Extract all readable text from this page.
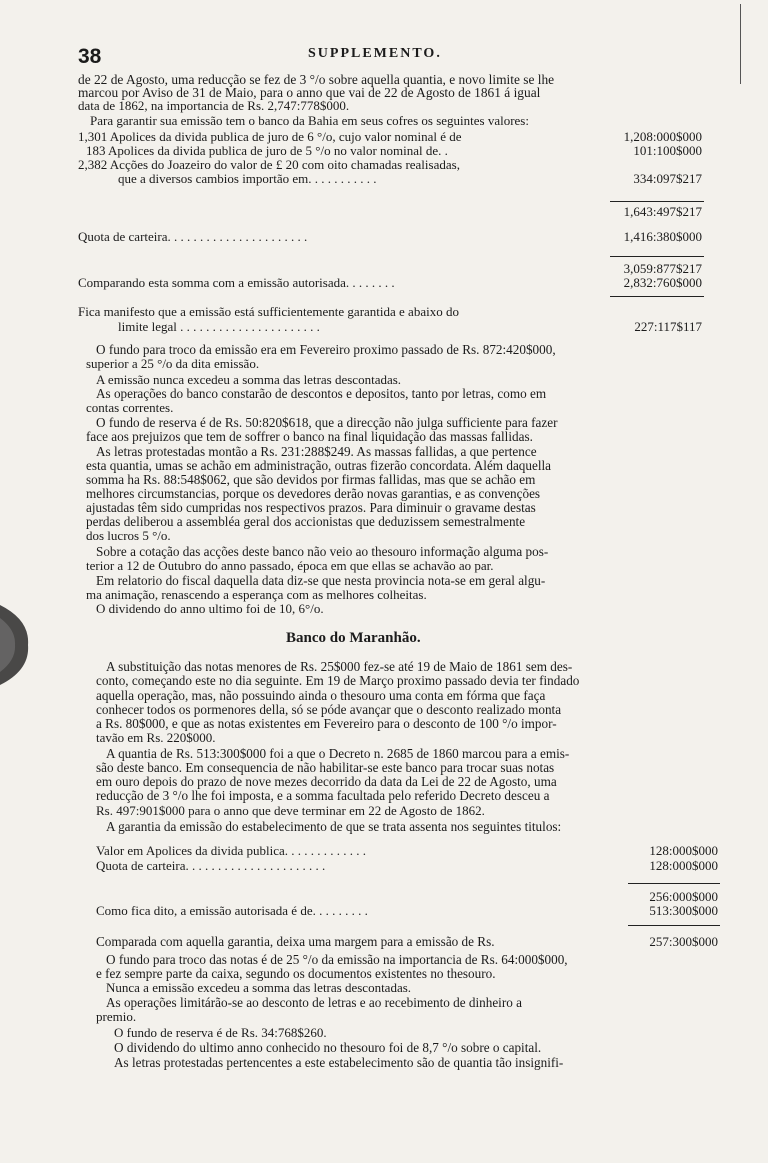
38	SUPPLEMENTO.
de 22 de Agosto, uma reducção se fez de 3 °/o sobre aquella quantia, e novo limite se lhe
marcou por Aviso de 31 de Maio, para o anno que vai de 22 de Agosto de 1861 á igual
data de 1862, na importancia de Rs. 2,747:778$000.
Para garantir sua emissão tem o banco da Bahia em seus cofres os seguintes valores:
1,301 Apolices da divida publica de juro de 6 °/o, cujo valor nominal é de	1,208:000$000
183 Apolices da divida publica de juro de 5 °/o no valor nominal de. .	101:100$000
2,382 Acções do Joazeiro do valor de £ 20 com oito chamadas realisadas,
que a diversos cambios importão em. . . . . . . . . . .	334:097$217
1,643:497$217
Quota de carteira. . . . . . . . . . . . . . . . . . . . . .	1,416:380$000
3,059:877$217
Comparando esta somma com a emissão autorisada. . . . . . . .	2,832:760$000
Fica manifesto que a emissão está sufficientemente garantida e abaixo do
limite legal . . . . . . . . . . . . . . . . . . . . . .	227:117$117
O fundo para troco da emissão era em Fevereiro proximo passado de Rs. 872:420$000,
superior a 25 °/o da dita emissão.
A emissão nunca excedeu a somma das letras descontadas.
As operações do banco constarão de descontos e depositos, tanto por letras, como em
contas correntes.
O fundo de reserva é de Rs. 50:820$618, que a direcção não julga sufficiente para fazer
face aos prejuizos que tem de soffrer o banco na final liquidação das massas fallidas.
As letras protestadas montão a Rs. 231:288$249. As massas fallidas, a que pertence
esta quantia, umas se achão em administração, outras fizerão concordata. Além daquella
somma ha Rs. 88:548$062, que são devidos por firmas fallidas, mas que se achão em
melhores circumstancias, porque os devedores derão novas garantias, e as convenções
ajustadas têm sido cumpridas nos respectivos prazos. Para diminuir o gravame destas
perdas deliberou a assembléa geral dos accionistas que deduzissem semestralmente
dos lucros 5 °/o.
Sobre a cotação das acções deste banco não veio ao thesouro informação alguma pos-
terior a 12 de Outubro do anno passado, época em que ellas se achavão ao par.
Em relatorio do fiscal daquella data diz-se que nesta provincia nota-se em geral algu-
ma animação, renascendo a esperança com as melhores colheitas.
O dividendo do anno ultimo foi de 10, 6°/o.
Banco do Maranhão.
A substituição das notas menores de Rs. 25$000 fez-se até 19 de Maio de 1861 sem des-
conto, começando este no dia seguinte. Em 19 de Março proximo passado devia ter findado
aquella operação, mas, não possuindo ainda o thesouro uma conta em fórma que faça
conhecer todos os pormenores della, só se póde avançar que o desconto realizado monta
a Rs. 80$000, e que as notas existentes em Fevereiro para o desconto de 100 °/o impor-
tavão em Rs. 220$000.
A quantia de Rs. 513:300$000 foi a que o Decreto n. 2685 de 1860 marcou para a emis-
são deste banco. Em consequencia de não habilitar-se este banco para trocar suas notas
em ouro depois do prazo de nove mezes decorrido da data da Lei de 22 de Agosto, uma
reducção de 3 °/o lhe foi imposta, e a somma facultada pelo referido Decreto desceu a
Rs. 497:901$000 para o anno que deve terminar em 22 de Agosto de 1862.
A garantia da emissão do estabelecimento de que se trata assenta nos seguintes titulos:
Valor em Apolices da divida publica. . . . . . . . . . . . .	128:000$000
Quota de carteira. . . . . . . . . . . . . . . . . . . . . .	128:000$000
256:000$000
Como fica dito, a emissão autorisada é de. . . . . . . . .	513:300$000
Comparada com aquella garantia, deixa uma margem para a emissão de Rs.	257:300$000
O fundo para troco das notas é de 25 °/o da emissão na importancia de Rs. 64:000$000,
e fez sempre parte da caixa, segundo os documentos existentes no thesouro.
Nunca a emissão excedeu a somma das letras descontadas.
As operações limitárão-se ao desconto de letras e ao recebimento de dinheiro a
premio.
O fundo de reserva é de Rs. 34:768$260.
O dividendo do ultimo anno conhecido no thesouro foi de 8,7 °/o sobre o capital.
As letras protestadas pertencentes a este estabelecimento são de quantia tão insignifi-
